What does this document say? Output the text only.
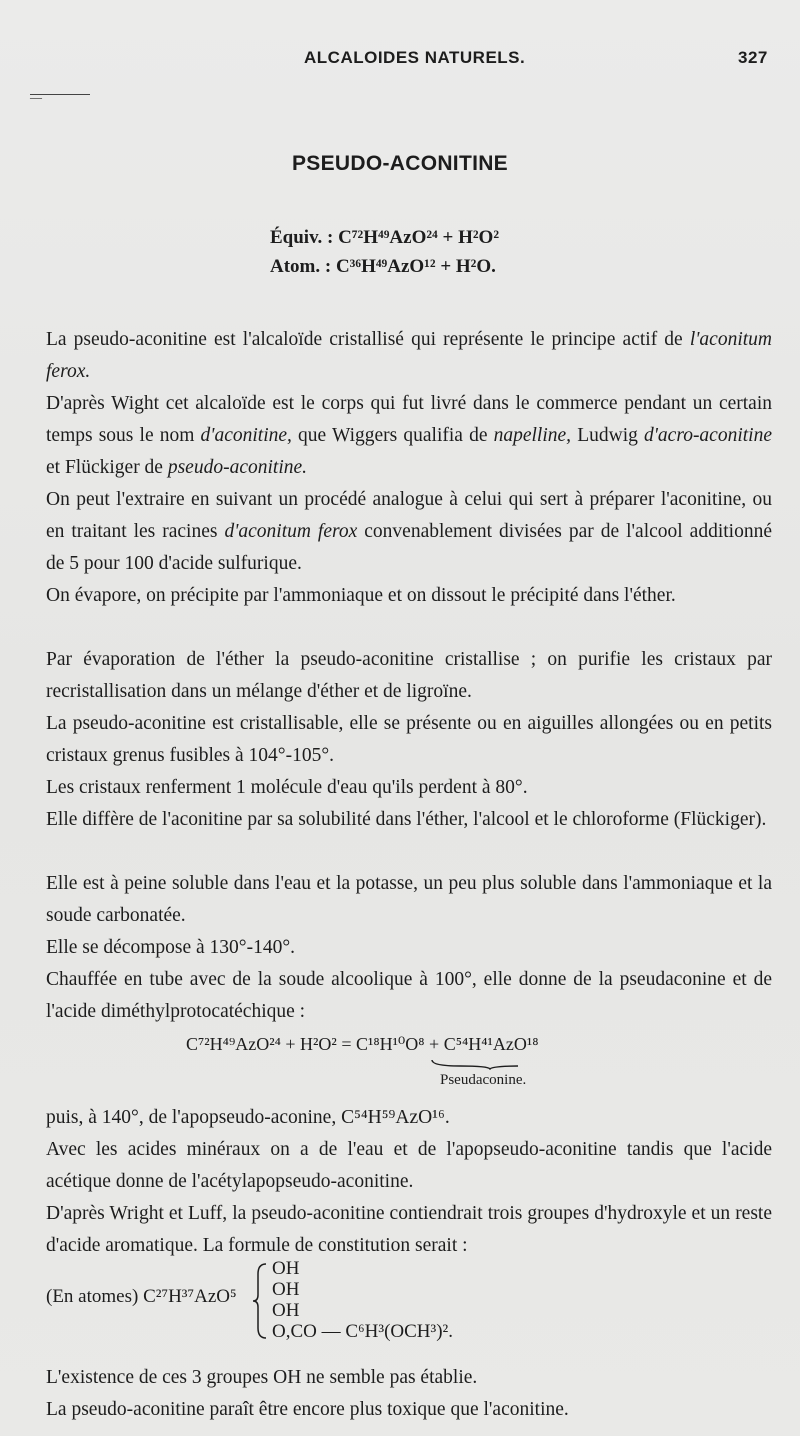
ALCALOIDES NATURELS.	327
—
PSEUDO-ACONITINE
Équiv. : C⁷²H⁴⁹AzO²⁴ + H²O²
Atom. : C³⁶H⁴⁹AzO¹² + H²O.
La pseudo-aconitine est l'alcaloïde cristallisé qui représente le principe actif de l'aconitum ferox.
D'après Wight cet alcaloïde est le corps qui fut livré dans le commerce pendant un certain temps sous le nom d'aconitine, que Wiggers qualifia de napelline, Ludwig d'acro-aconitine et Flückiger de pseudo-aconitine.
On peut l'extraire en suivant un procédé analogue à celui qui sert à préparer l'aconitine, ou en traitant les racines d'aconitum ferox convenablement divisées par de l'alcool additionné de 5 pour 100 d'acide sulfurique.
On évapore, on précipite par l'ammoniaque et on dissout le précipité dans l'éther.
Par évaporation de l'éther la pseudo-aconitine cristallise ; on purifie les cristaux par recristallisation dans un mélange d'éther et de ligroïne.
La pseudo-aconitine est cristallisable, elle se présente ou en aiguilles allongées ou en petits cristaux grenus fusibles à 104°-105°.
Les cristaux renferment 1 molécule d'eau qu'ils perdent à 80°.
Elle diffère de l'aconitine par sa solubilité dans l'éther, l'alcool et le chloroforme (Flückiger).
Elle est à peine soluble dans l'eau et la potasse, un peu plus soluble dans l'ammoniaque et la soude carbonatée.
Elle se décompose à 130°-140°.
Chauffée en tube avec de la soude alcoolique à 100°, elle donne de la pseudaconine et de l'acide diméthylprotocatéchique :
C⁷²H⁴⁹AzO²⁴ + H²O² = C¹⁸H¹⁰O⁸ + C⁵⁴H⁴¹AzO¹⁸
Pseudaconine.
puis, à 140°, de l'apopseudo-aconine, C⁵⁴H⁵⁹AzO¹⁶.
Avec les acides minéraux on a de l'eau et de l'apopseudo-aconitine tandis que l'acide acétique donne de l'acétylapopseudo-aconitine.
D'après Wright et Luff, la pseudo-aconitine contiendrait trois groupes d'hydroxyle et un reste d'acide aromatique. La formule de constitution serait :
(En atomes) C²⁷H³⁷AzO⁵
OH
OH
OH
O,CO — C⁶H³(OCH³)².
L'existence de ces 3 groupes OH ne semble pas établie.
La pseudo-aconitine paraît être encore plus toxique que l'aconitine.
